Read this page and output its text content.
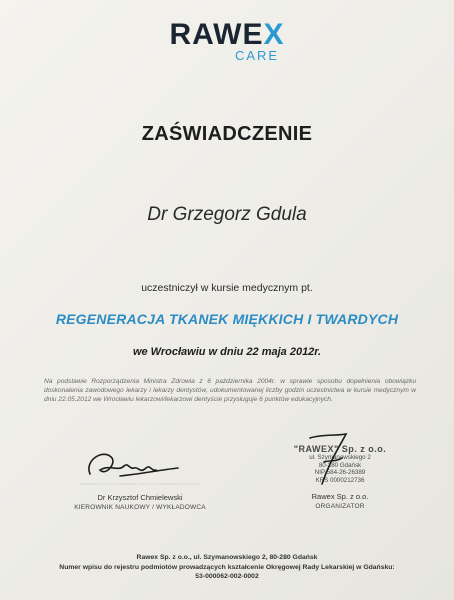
RAWEX
CARE
ZAŚWIADCZENIE
Dr Grzegorz Gdula
uczestniczył w kursie medycznym pt.
REGENERACJA TKANEK MIĘKKICH I TWARDYCH
we Wrocławiu w dniu 22 maja 2012r.
Na podstawie Rozporządzenia Ministra Zdrowia z 6 października 2004r. w sprawie sposobu dopełnienia obowiązku doskonalenia zawodowego lekarzy i lekarzy dentystów, udokumentowanej liczby godzin uczestnictwa w kursie medycznym w dniu 22.05.2012 we Wrocławiu lekarzowi/lekarzowi dentyście przysługuje 6 punktów edukacyjnych.
Dr Krzysztof Chmielewski
KIEROWNIK NAUKOWY / WYKŁADOWCA
"RAWEX" Sp. z o.o.
ul. Szymanowskiego 2
80-280 Gdańsk
NIP 584-26-26389
KRS 0000212736
Rawex Sp. z o.o.
ORGANIZATOR
Rawex Sp. z o.o., ul. Szymanowskiego 2, 80-280 Gdańsk
Numer wpisu do rejestru podmiotów prowadzących kształcenie Okręgowej Rady Lekarskiej w Gdańsku:
53-000062-002-0002
